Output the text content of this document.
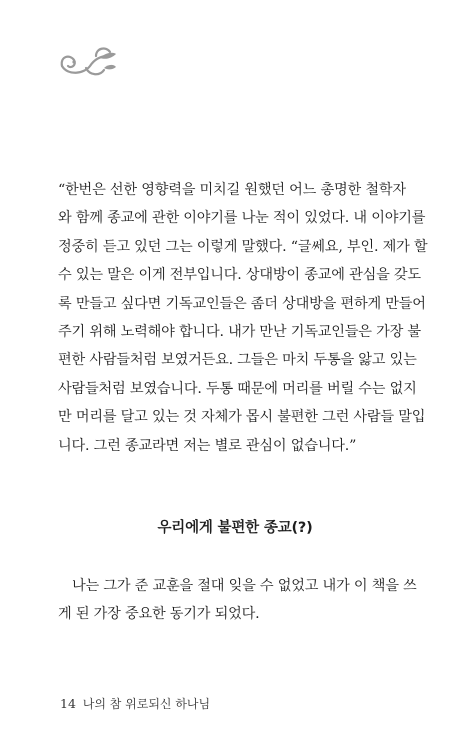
“한번은 선한 영향력을 미치길 원했던 어느 총명한 철학자
와 함께 종교에 관한 이야기를 나눈 적이 있었다. 내 이야기를
정중히 듣고 있던 그는 이렇게 말했다. “글쎄요, 부인. 제가 할
수 있는 말은 이게 전부입니다. 상대방이 종교에 관심을 갖도
록 만들고 싶다면 기독교인들은 좀더 상대방을 편하게 만들어
주기 위해 노력해야 합니다. 내가 만난 기독교인들은 가장 불
편한 사람들처럼 보였거든요. 그들은 마치 두통을 앓고 있는
사람들처럼 보였습니다. 두통 때문에 머리를 버릴 수는 없지
만 머리를 달고 있는 것 자체가 몹시 불편한 그런 사람들 말입
니다. 그런 종교라면 저는 별로 관심이 없습니다.”
우리에게 불편한 종교(?)
나는 그가 준 교훈을 절대 잊을 수 없었고 내가 이 책을 쓰
게 된 가장 중요한 동기가 되었다.
14 나의 참 위로되신 하나님
